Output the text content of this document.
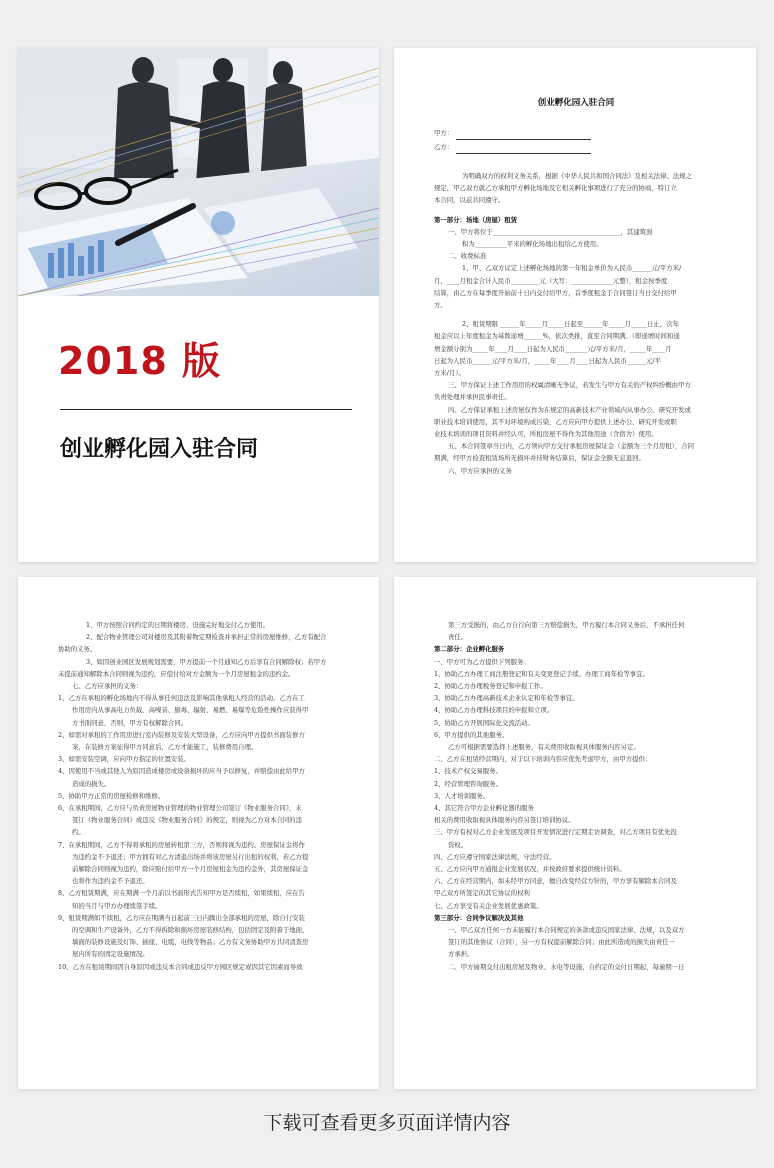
2018 版
创业孵化园入驻合同
创业孵化园入驻合同
甲方：
乙方：
为明确双方的权利义务关系，根据《中华人民共和国合同法》及相关法律、法规之
规定，甲乙双方就乙方承租甲方孵化场地及它相关孵化事项进行了充分的协商，特订立
本合同，以兹共同遵守。
第一部分：场地（房屋）租赁
一、甲方将位于________________________________________，其建筑面
积为__________平米的孵化场地出租给乙方使用。
二、收费标准
1、甲、乙双方议定上述孵化场地的第一年租金单价为人民币______元/平方米/
月，____月租金合计人民币_________元（大写：_____________元整），租金按季度
结算，由乙方在每季度开始前十日内交付给甲方，首季度租金于合同签订当日交付给甲
方。
2、租赁期限 ______年_____月_____日起至______年_____月_____日止，次年
租金应以上年度租金为基数递增______%，依次类推，直至合同期满。（即递增时间和递
增金额分别为_____年____月____日起为人民币_______元/平方米/月，_____年____月
日起为人民币______元/平方米/月，_____年____月____日起为人民币______元/平
方米/月）。
三、甲方保证上述工作用房的权属清晰无争议，若发生与甲方有关的产权纠纷概由甲方
负责处理并承担民事责任。
四、乙方保证承租上述房屋仅作为在规定的高新技术产业领域内从事办公、研究开发或
职业技术培训使用，其不对环境构成污染，乙方应向甲方提供上述办公、研究开发或职
业技术培训的项目资料并经认可，所租房屋不得作为其他用途（含宿舍）使用。
五、本合同签章当日内，乙方须向甲方交付承租房屋保证金（金额为三个月房租），合同
期满，经甲方检查租赁场所无损坏并待财务结算后，保证金全额无息退回。
六、甲方应承担的义务
1、甲方按照合同约定的日期将楼房、设施完好地交付乙方使用。
2、配合物业管理公司对楼房及其附着物定期检查并承担正常的房屋维修，乙方有配合
协助的义务。
3、如因创业园区发展规划需要，甲方提前一个月通知乙方后享有合同解除权；若甲方
未提前通知解除本合同则视为违约，应偿付给对方金额为一个月房屋租金的违约金。
七、乙方应承担的义务：
1、乙方在承租的孵化场地内不得从事任何违法及影响其他承租人经营的活动。乙方在工
作用房内从事高电力负载、高噪音、厨毒、辐射、易燃、易爆等危险性操作应获得甲
方书面同意，否则，甲方有权解除合同。
2、如需对承租的工作用房进行室内装修及安装大型设备，乙方应向甲方提供书面装修方
案，在装修方案征得甲方同意后，乙方才能施工，装修费用自理。
3、如需安装空调，应向甲方指定的位置安装。
4、因使用不当或其他人为原因造成楼房或设备损坏的应当予以修复，并赔偿由此给甲方
造成的损失。
5、协助甲方正常的房屋检修和维修。
6、在承租期间，乙方应与负责房屋物业管理的物业管理公司签订《物业服务合同》，未
签订《物业服务合同》或违反《物业服务合同》的规定，则视为乙方对本合同的违
约。
7、在承租期间，乙方不得将承租的房屋转租第三方，否则将视为违约。房屋保证金将作
为违约金不予退还；甲方拥有对乙方清退出场并将该房屋另行出租的权利，若乙方提
前解除合同则视为违约，除应赔付给甲方一个月房屋租金为违约金外，其房屋保证金
也将作为违约金不予退还。
8、乙方租赁期满，应在期满一个月前以书面形式告知甲方是否续租，如果续租，应在告
知的当月与甲方办理续签手续。
9、租赁期满如不续租，乙方应在期满当日起前三日内腾出全部承租的房屋，除自行安装
的空调和生产设备外，乙方不得拆除和损坏房屋装修结构，包括固定及附着于地面、
墙面的装修设施及灯饰、插座、电缆、电线等物品；乙方有义务协助甲方共同清查房
屋内所有的固定设施情况。
10、乙方在租赁期间因自身原因或违反本合同或违反甲方园区规定或因其它因素而导致
第三方受损的，由乙方自行向第三方赔偿损失，甲方履行本合同义务后，不承担任何
责任。
第二部分：企业孵化服务
一、甲方可为乙方提供下列服务：
1、协助乙方办理工商注册登记和有关变更登记手续、办理工商年检等事宜。
2、协助乙方办理税务登记和申报工作。
3、协助乙方办理高新技术企业认定和年检等事宜。
4、协助乙方办理科技项目的申报和立项。
5、协助乙方开展国际化交流活动。
6、甲方提供的其他服务。
乙方可根据需要选择上述服务，有关费用收取视具体服务内容另定。
二、乙方在租赁经营期内，对于以下培训内容应优先考虑甲方，由甲方提供：
1、技术产权交易服务。
2、经营管理咨询服务。
3、人才培训服务。
4、其它符合甲方企业孵化器的服务
相关的费用收取视具体服务内容另签订培训协议。
三、甲方有权对乙方企业发展及项目开发情况进行定期走访调查，对乙方项目有优先投
资权。
四、乙方应遵守国家法律法规，守法经营。
五、乙方应向甲方通报企业发展状况，并按政府要求提供统计资料。
六、乙方在经营期内，如未经甲方同意，擅自改变经营方针的，甲方享有解除本合同及
甲乙双方所签定的其它协议的权利
七、乙方享受有关企业发展优惠政策。
第三部分：合同争议解决及其他
一、甲乙双方任何一方未能履行本合同规定的条款或违反国家法律、法规，以及双方
签订的其他协议（合同），另一方有权提前解除合同；由此所造成的损失由责任一
方承担。
二、甲方逾期交付出租房屋及物业、水电等设施，自约定的交付日期起，每逾期一日
下载可查看更多页面详情内容
